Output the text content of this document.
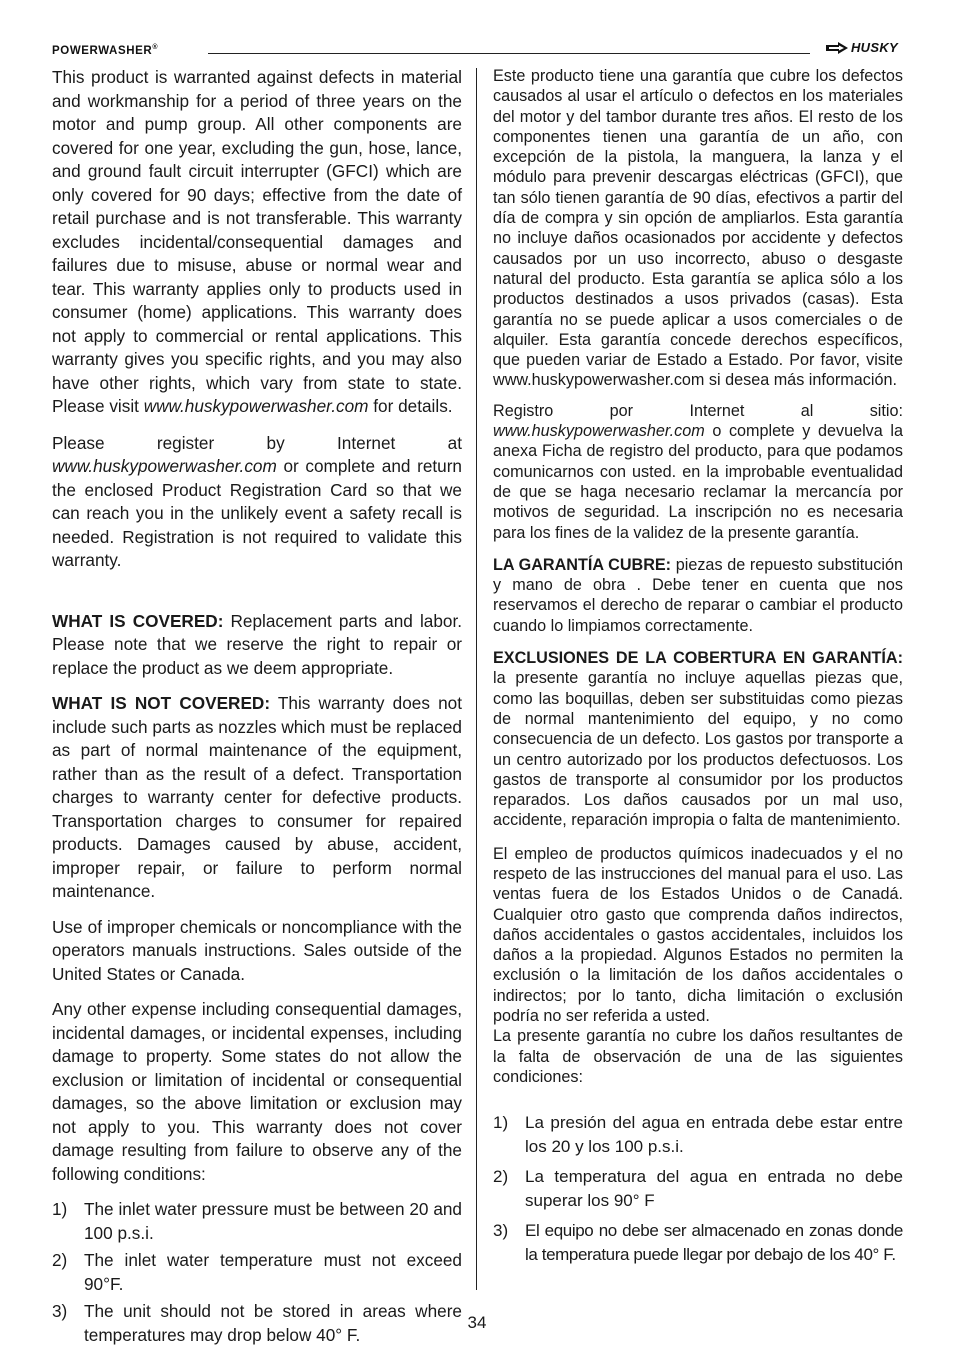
POWERWASHER®	HUSKY

This product is warranted against defects in material and workmanship for a period of three years on the motor and pump group. All other components are covered for one year, excluding the gun, hose, lance, and ground fault circuit interrupter (GFCI) which are only covered for 90 days; effective from the date of retail purchase and is not transferable. This warranty excludes incidental/consequential damages and failures due to misuse, abuse or normal wear and tear. This warranty applies only to products used in consumer (home) applications. This warranty does not apply to commercial or rental applications. This warranty gives you specific rights, and you may also have other rights, which vary from state to state. Please visit www.huskypowerwasher.com for details.

Please register by Internet at www.huskypowerwasher.com or complete and return the enclosed Product Registration Card so that we can reach you in the unlikely event a safety recall is needed. Registration is not required to validate this warranty.

WHAT IS COVERED: Replacement parts and labor. Please note that we reserve the right to repair or replace the product as we deem appropriate.

WHAT IS NOT COVERED: This warranty does not include such parts as nozzles which must be replaced as part of normal maintenance of the equipment, rather than as the result of a defect. Transportation charges to warranty center for defective products. Transportation charges to consumer for repaired products. Damages caused by abuse, accident, improper repair, or failure to perform normal maintenance.

Use of improper chemicals or noncompliance with the operators manuals instructions. Sales outside of the United States or Canada.

Any other expense including consequential damages, incidental damages, or incidental expenses, including damage to property. Some states do not allow the exclusion or limitation of incidental or consequential damages, so the above limitation or exclusion may not apply to you. This warranty does not cover damage resulting from failure to observe any of the following conditions:

1) The inlet water pressure must be between 20 and 100 p.s.i.
2) The inlet water temperature must not exceed 90°F.
3) The unit should not be stored in areas where temperatures may drop below 40° F.

Este producto tiene una garantía que cubre los defectos causados al usar el artículo o defectos en los materiales del motor y del tambor durante tres años. El resto de los componentes tienen una garantía de un año, con excepción de la pistola, la manguera, la lanza y el módulo para prevenir descargas eléctricas (GFCI), que tan sólo tienen garantía de 90 días, efectivos a partir del día de compra y sin opción de ampliarlos. Esta garantía no incluye daños ocasionados por accidente y defectos causados por un uso incorrecto, abuso o desgaste natural del producto. Esta garantía se aplica sólo a los productos destinados a usos privados (casas). Esta garantía no se puede aplicar a usos comerciales o de alquiler. Esta garantía concede derechos específicos, que pueden variar de Estado a Estado. Por favor, visite www.huskypowerwasher.com si desea más información.

Registro por Internet al sitio: www.huskypowerwasher.com o complete y devuelva la anexa Ficha de registro del producto, para que podamos comunicarnos con usted. en la improbable eventualidad de que se haga necesario reclamar la mercancía por motivos de seguridad. La inscripción no es necesaria para los fines de la validez de la presente garantía.

LA GARANTÍA CUBRE: piezas de repuesto substitución y mano de obra . Debe tener en cuenta que nos reservamos el derecho de reparar o cambiar el producto cuando lo limpiamos correctamente.

EXCLUSIONES DE LA COBERTURA EN GARANTÍA: la presente garantía no incluye aquellas piezas que, como las boquillas, deben ser substituidas como piezas de normal mantenimiento del equipo, y no como consecuencia de un defecto. Los gastos por transporte a un centro autorizado por los productos defectuosos. Los gastos de transporte al consumidor por los productos reparados. Los daños causados por un mal uso, accidente, reparación impropia o falta de mantenimiento.

El empleo de productos químicos inadecuados y el no respeto de las instrucciones del manual para el uso. Las ventas fuera de los Estados Unidos o de Canadá. Cualquier otro gasto que comprenda daños indirectos, daños accidentales o gastos accidentales, incluidos los daños a la propiedad. Algunos Estados no permiten la exclusión o la limitación de los daños accidentales o indirectos; por lo tanto, dicha limitación o exclusión podría no ser referida a usted.

La presente garantía no cubre los daños resultantes de la falta de observación de una de las siguientes condiciones:

1) La presión del agua en entrada debe estar entre los 20 y los 100 p.s.i.
2) La temperatura del agua en entrada no debe superar los 90° F
3) El equipo no debe ser almacenado en zonas donde la temperatura puede llegar por debajo de los 40° F.
34
